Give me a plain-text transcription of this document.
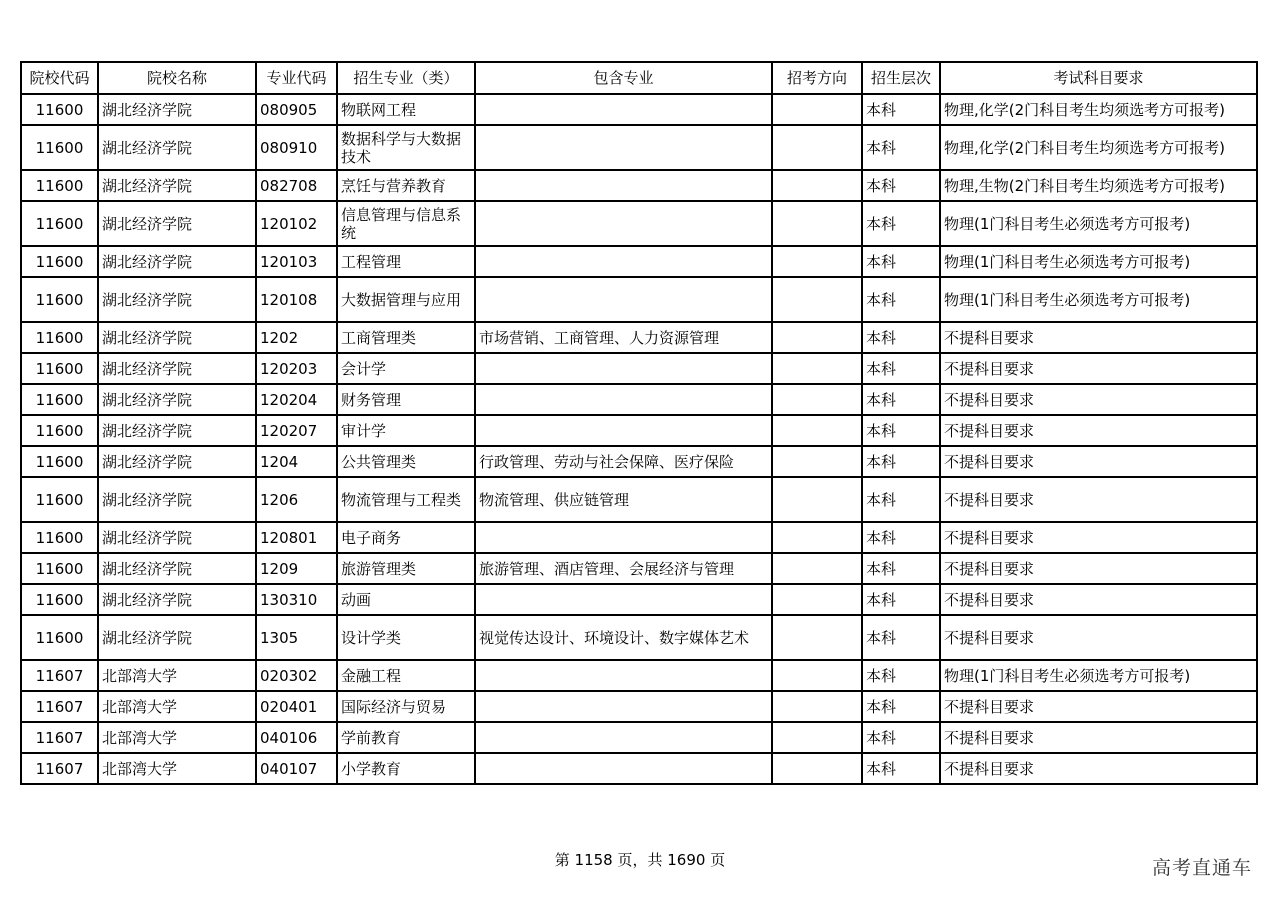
院校代码	院校名称	专业代码	招生专业（类）	包含专业	招考方向	招生层次	考试科目要求
11600	湖北经济学院	080905	物联网工程			本科	物理,化学(2门科目考生均须选考方可报考)
11600	湖北经济学院	080910	数据科学与大数据技术			本科	物理,化学(2门科目考生均须选考方可报考)
11600	湖北经济学院	082708	烹饪与营养教育			本科	物理,生物(2门科目考生均须选考方可报考)
11600	湖北经济学院	120102	信息管理与信息系统			本科	物理(1门科目考生必须选考方可报考)
11600	湖北经济学院	120103	工程管理			本科	物理(1门科目考生必须选考方可报考)
11600	湖北经济学院	120108	大数据管理与应用			本科	物理(1门科目考生必须选考方可报考)
11600	湖北经济学院	1202	工商管理类	市场营销、工商管理、人力资源管理		本科	不提科目要求
11600	湖北经济学院	120203	会计学			本科	不提科目要求
11600	湖北经济学院	120204	财务管理			本科	不提科目要求
11600	湖北经济学院	120207	审计学			本科	不提科目要求
11600	湖北经济学院	1204	公共管理类	行政管理、劳动与社会保障、医疗保险		本科	不提科目要求
11600	湖北经济学院	1206	物流管理与工程类	物流管理、供应链管理		本科	不提科目要求
11600	湖北经济学院	120801	电子商务			本科	不提科目要求
11600	湖北经济学院	1209	旅游管理类	旅游管理、酒店管理、会展经济与管理		本科	不提科目要求
11600	湖北经济学院	130310	动画			本科	不提科目要求
11600	湖北经济学院	1305	设计学类	视觉传达设计、环境设计、数字媒体艺术		本科	不提科目要求
11607	北部湾大学	020302	金融工程			本科	物理(1门科目考生必须选考方可报考)
11607	北部湾大学	020401	国际经济与贸易			本科	不提科目要求
11607	北部湾大学	040106	学前教育			本科	不提科目要求
11607	北部湾大学	040107	小学教育			本科	不提科目要求
第 1158 页，共 1690 页	高考直通车
